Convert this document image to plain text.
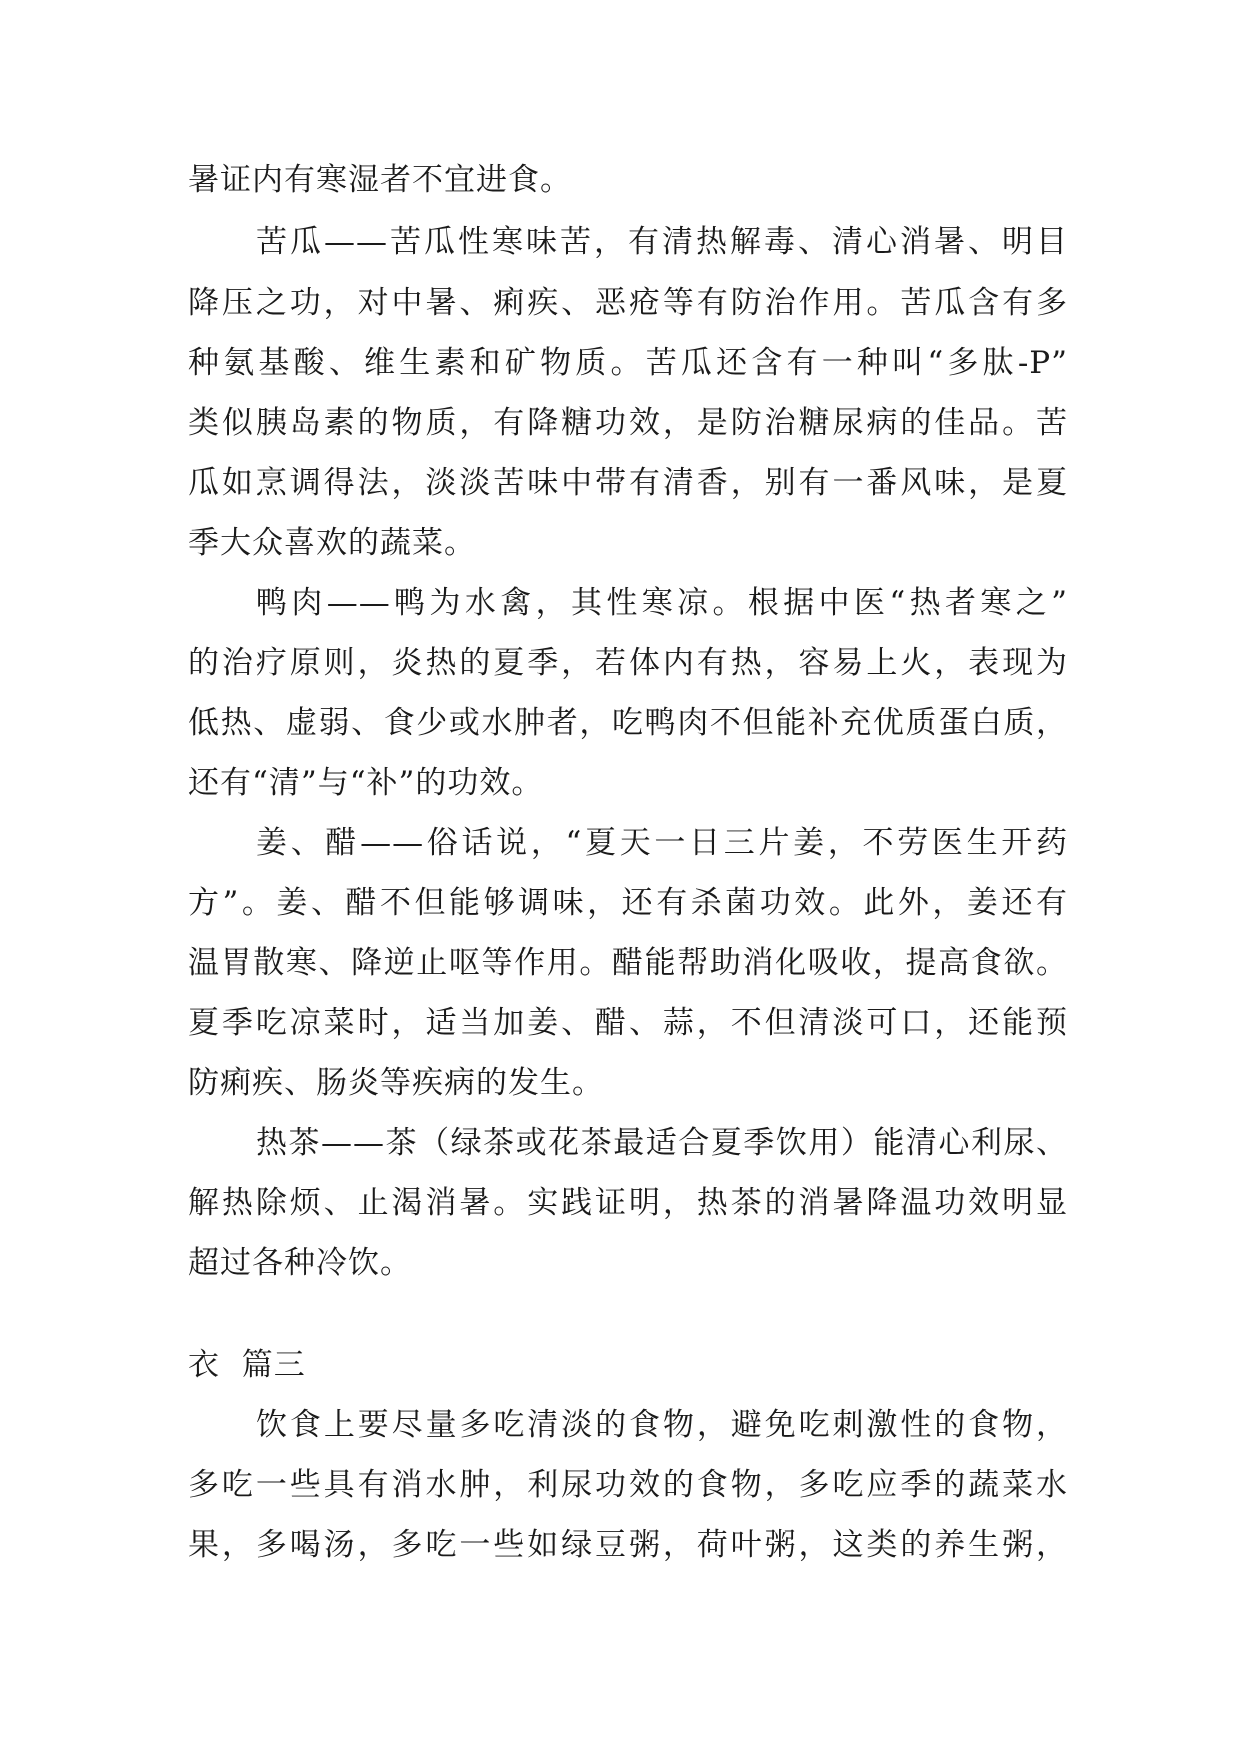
暑证内有寒湿者不宜进食。
苦瓜——苦瓜性寒味苦，有清热解毒、清心消暑、明目
降压之功，对中暑、痢疾、恶疮等有防治作用。苦瓜含有多
种氨基酸、维生素和矿物质。苦瓜还含有一种叫“多肽-P”
类似胰岛素的物质，有降糖功效，是防治糖尿病的佳品。苦
瓜如烹调得法，淡淡苦味中带有清香，别有一番风味，是夏
季大众喜欢的蔬菜。
鸭肉——鸭为水禽，其性寒凉。根据中医“热者寒之”
的治疗原则，炎热的夏季，若体内有热，容易上火，表现为
低热、虚弱、食少或水肿者，吃鸭肉不但能补充优质蛋白质，
还有“清”与“补”的功效。
姜、醋——俗话说，“夏天一日三片姜，不劳医生开药
方”。姜、醋不但能够调味，还有杀菌功效。此外，姜还有
温胃散寒、降逆止呕等作用。醋能帮助消化吸收，提高食欲。
夏季吃凉菜时，适当加姜、醋、蒜，不但清淡可口，还能预
防痢疾、肠炎等疾病的发生。
热茶——茶（绿茶或花茶最适合夏季饮用）能清心利尿、
解热除烦、止渴消暑。实践证明，热茶的消暑降温功效明显
超过各种冷饮。
衣  篇三
饮食上要尽量多吃清淡的食物，避免吃刺激性的食物，
多吃一些具有消水肿，利尿功效的食物，多吃应季的蔬菜水
果，多喝汤，多吃一些如绿豆粥，荷叶粥，这类的养生粥，
